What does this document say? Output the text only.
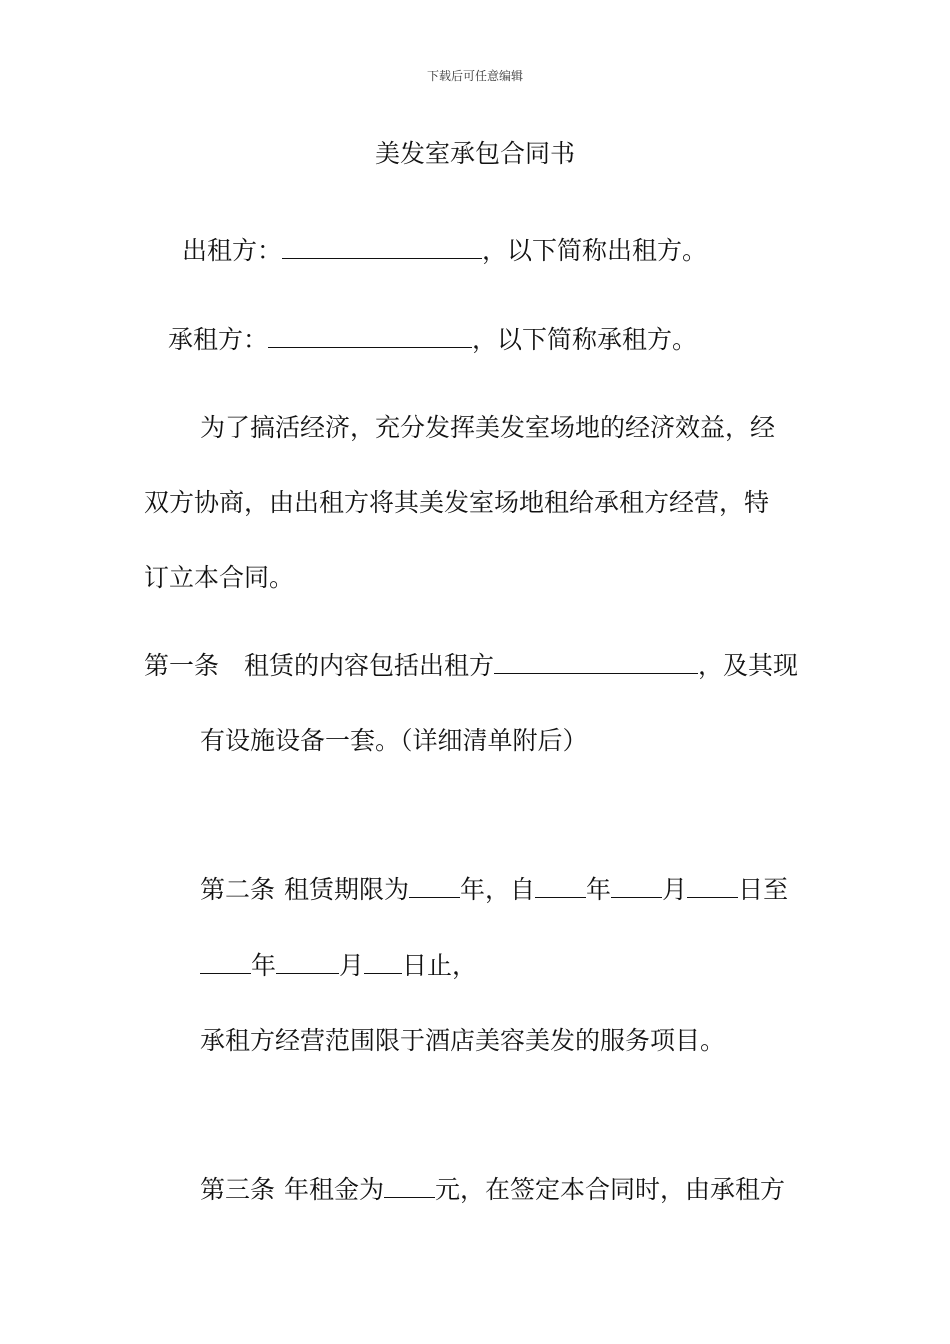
下载后可任意编辑
美发室承包合同书
出租方：	，以下简称出租方。
承租方：	，以下简称承租方。
为了搞活经济，充分发挥美发室场地的经济效益，经
双方协商，由出租方将其美发室场地租给承租方经营，特
订立本合同。
第一条 租赁的内容包括出租方	，及其现
有设施设备一套。（详细清单附后）
第二条 租赁期限为 年，自 年 月 日至
年	月 日止，
承租方经营范围限于酒店美容美发的服务项目。
第三条 年租金为 元，在签定本合同时，由承租方
